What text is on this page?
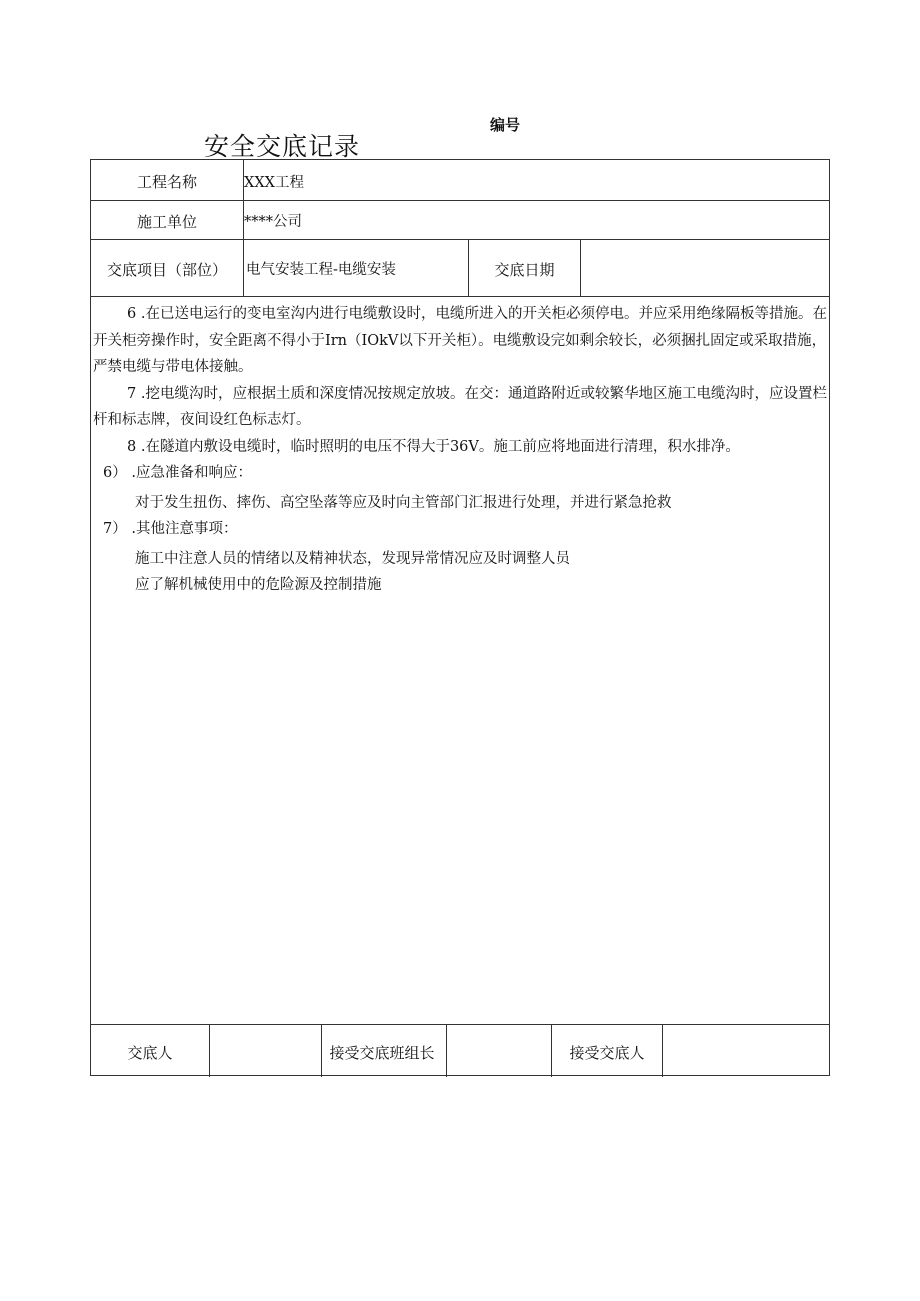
编号
安全交底记录
工程名称	XXX工程
施工单位	****公司
交底项目（部位）	电气安装工程-电缆安装	交底日期

6 .在已送电运行的变电室沟内进行电缆敷设时，电缆所进入的开关柜必须停电。并应采用绝缘隔板等措施。在开关柜旁操作时，安全距离不得小于Irn（IOkV以下开关柜）。电缆敷设完如剩余较长，必须捆扎固定或采取措施，严禁电缆与带电体接触。

7 .挖电缆沟时，应根据土质和深度情况按规定放坡。在交：通道路附近或较繁华地区施工电缆沟时，应设置栏杆和标志牌，夜间设红色标志灯。

8 .在隧道内敷设电缆时，临时照明的电压不得大于36V。施工前应将地面进行清理，积水排净。

6） .应急准备和响应：

对于发生扭伤、摔伤、高空坠落等应及时向主管部门汇报进行处理，并进行紧急抢救

7） .其他注意事项：

施工中注意人员的情绪以及精神状态，发现异常情况应及时调整人员

应了解机械使用中的危险源及控制措施

交底人	接受交底班组长	接受交底人
